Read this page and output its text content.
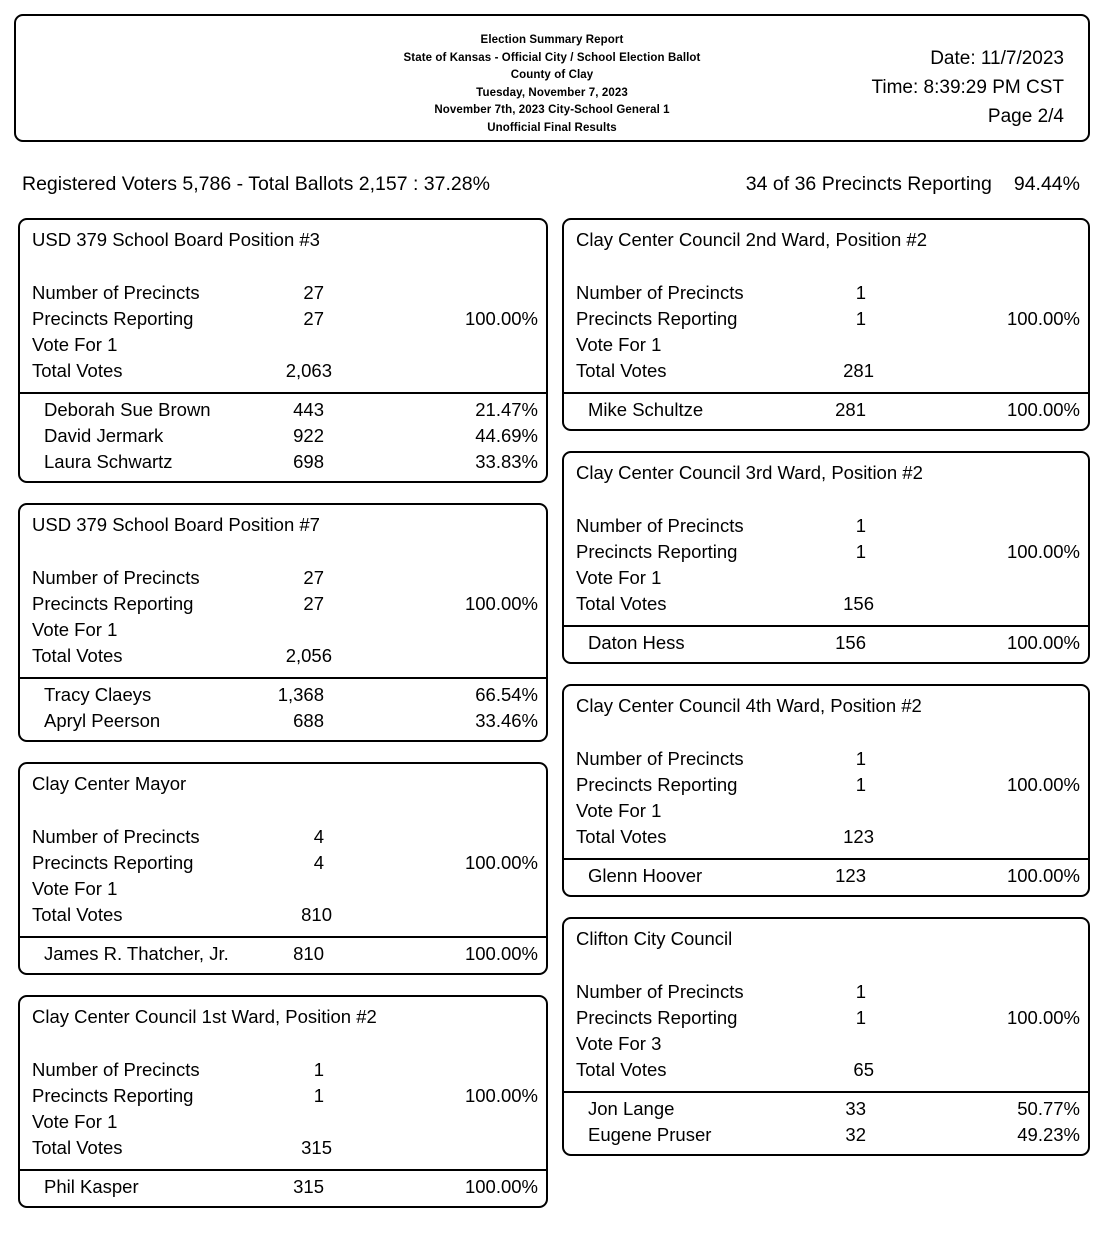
Election Summary Report
State of Kansas - Official City / School Election Ballot
County of Clay
Tuesday, November 7, 2023
November 7th, 2023 City-School General 1
Unofficial Final Results
Date: 11/7/2023
Time: 8:39:29 PM CST
Page 2/4
Registered Voters 5,786 - Total Ballots 2,157 : 37.28%	34 of 36 Precincts Reporting 94.44%
USD 379 School Board Position #3
Number of Precincts	27
Precincts Reporting	27	100.00%
Vote For 1
Total Votes	2,063
Deborah Sue Brown	443	21.47%
David Jermark	922	44.69%
Laura Schwartz	698	33.83%
USD 379 School Board Position #7
Number of Precincts	27
Precincts Reporting	27	100.00%
Vote For 1
Total Votes	2,056
Tracy Claeys	1,368	66.54%
Apryl Peerson	688	33.46%
Clay Center Mayor
Number of Precincts	4
Precincts Reporting	4	100.00%
Vote For 1
Total Votes	810
James R. Thatcher, Jr.	810	100.00%
Clay Center Council 1st Ward, Position #2
Number of Precincts	1
Precincts Reporting	1	100.00%
Vote For 1
Total Votes	315
Phil Kasper	315	100.00%
Clay Center Council 2nd Ward, Position #2
Number of Precincts	1
Precincts Reporting	1	100.00%
Vote For 1
Total Votes	281
Mike Schultze	281	100.00%
Clay Center Council 3rd Ward, Position #2
Number of Precincts	1
Precincts Reporting	1	100.00%
Vote For 1
Total Votes	156
Daton Hess	156	100.00%
Clay Center Council 4th Ward, Position #2
Number of Precincts	1
Precincts Reporting	1	100.00%
Vote For 1
Total Votes	123
Glenn Hoover	123	100.00%
Clifton City Council
Number of Precincts	1
Precincts Reporting	1	100.00%
Vote For 3
Total Votes	65
Jon Lange	33	50.77%
Eugene Pruser	32	49.23%
